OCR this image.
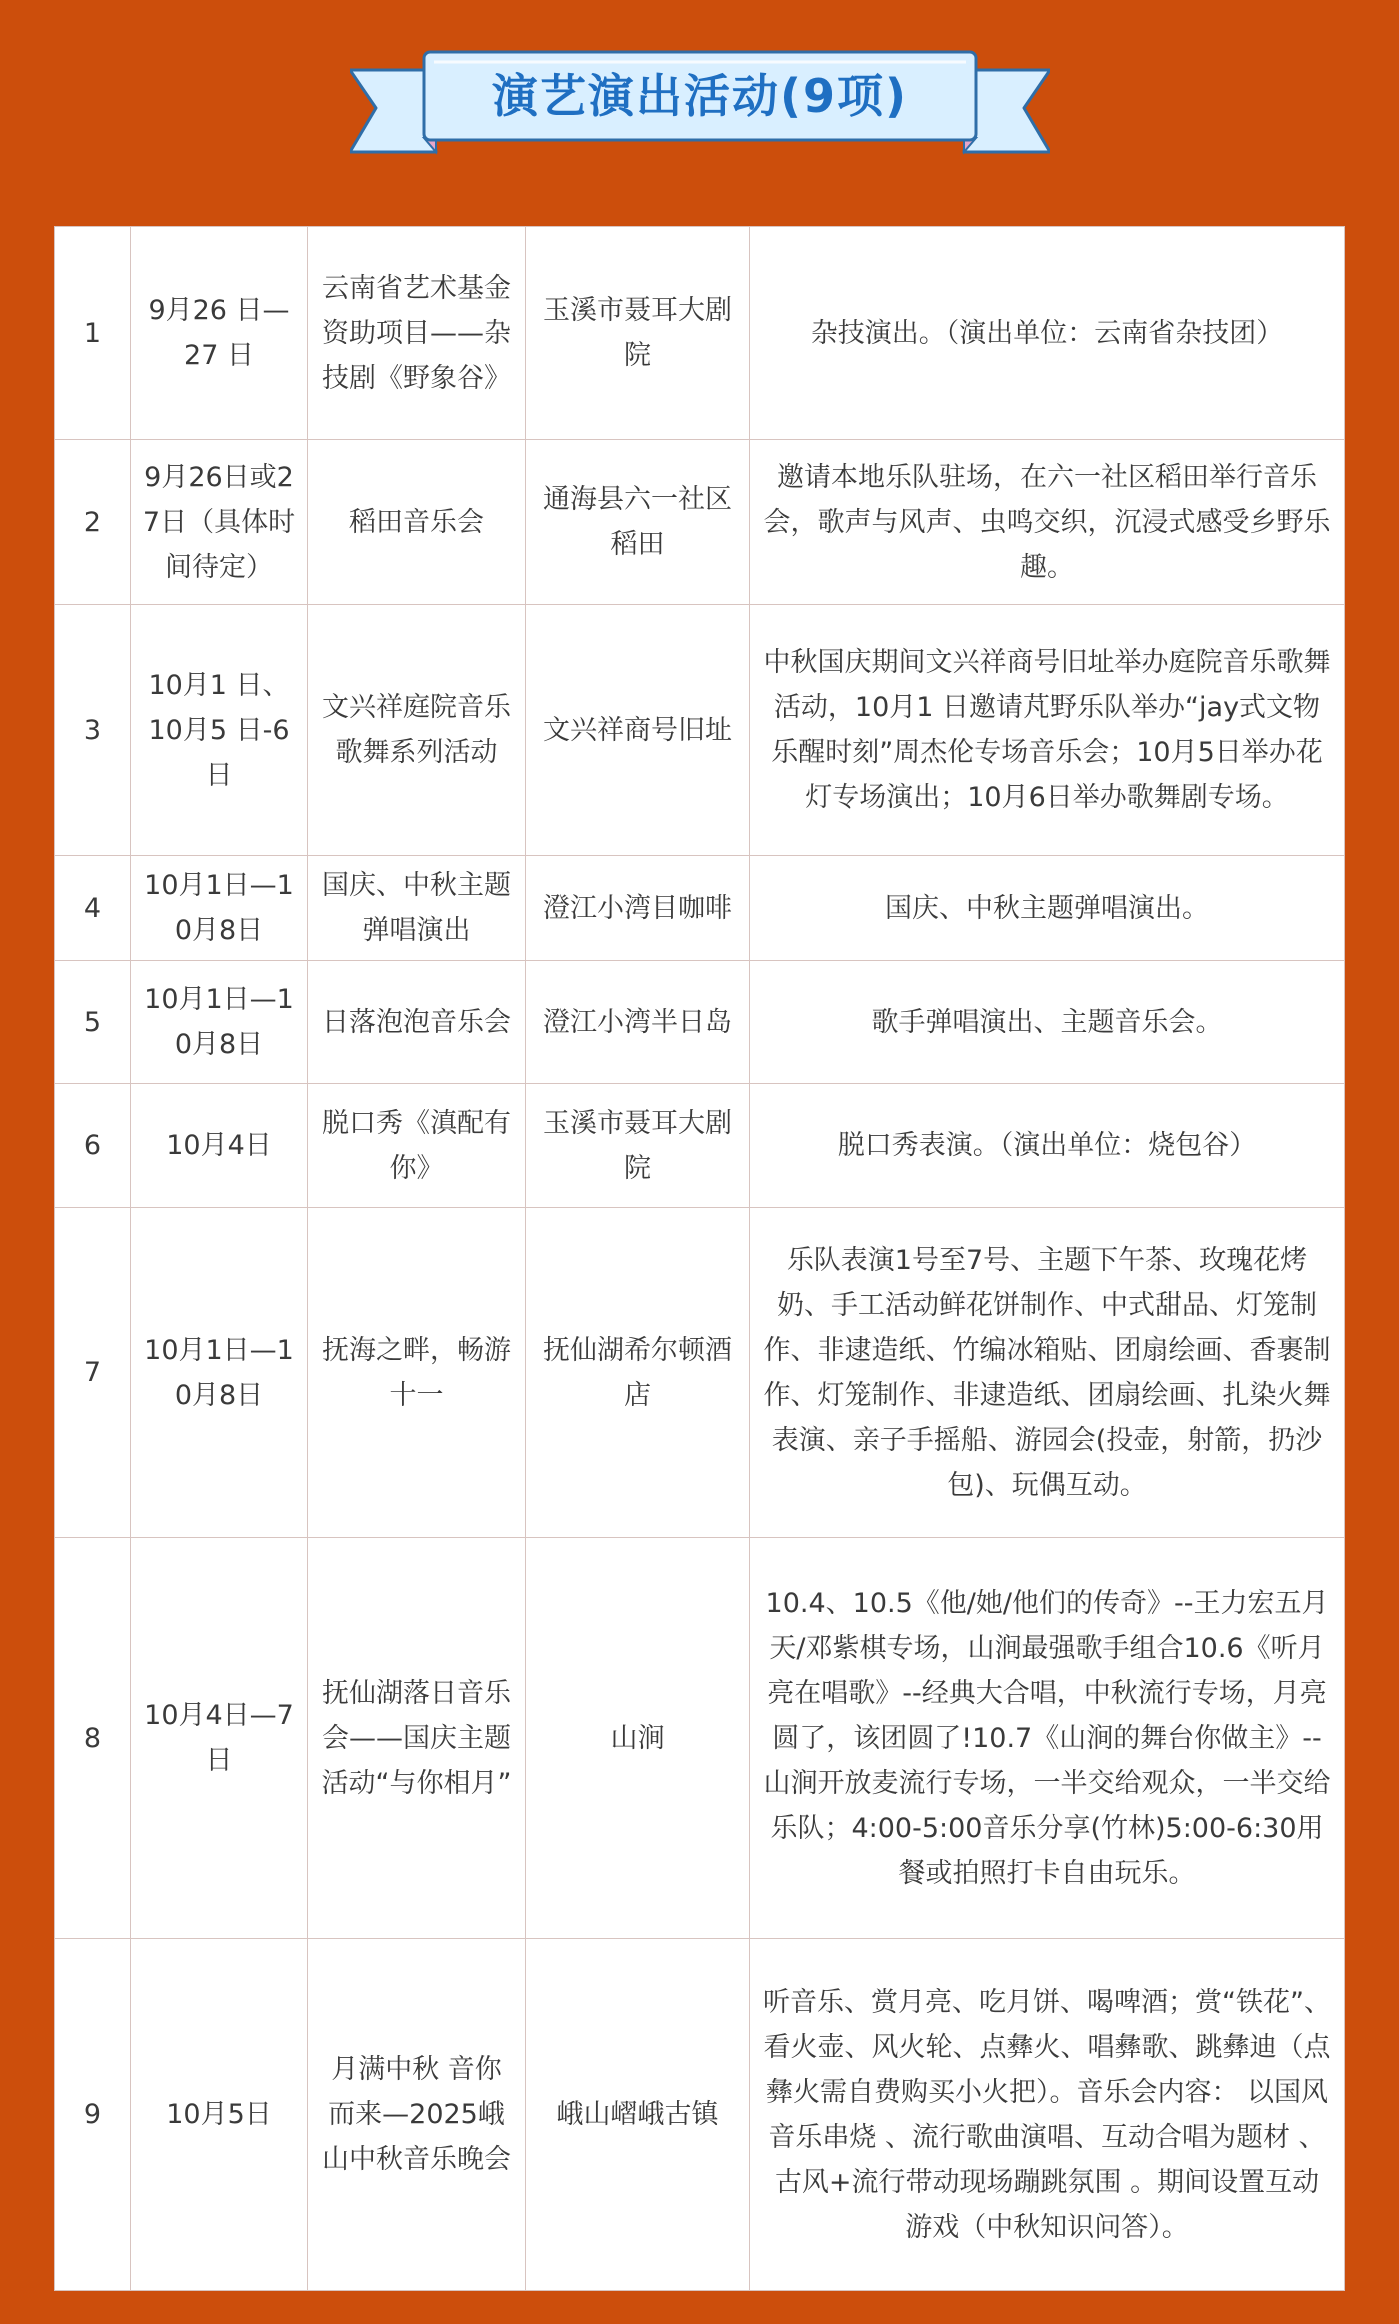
演艺演出活动(9项)
1	9月26 日—27 日	云南省艺术基金资助项目——杂技剧《野象谷》	玉溪市聂耳大剧院	杂技演出。（演出单位：云南省杂技团）
2	9月26日或27日（具体时间待定）	稻田音乐会	通海县六一社区稻田	邀请本地乐队驻场，在六一社区稻田举行音乐会，歌声与风声、虫鸣交织，沉浸式感受乡野乐趣。
3	10月1 日、10月5 日-6日	文兴祥庭院音乐歌舞系列活动	文兴祥商号旧址	中秋国庆期间文兴祥商号旧址举办庭院音乐歌舞活动，10月1 日邀请芃野乐队举办“jay式文物乐醒时刻”周杰伦专场音乐会；10月5日举办花灯专场演出；10月6日举办歌舞剧专场。
4	10月1日—10月8日	国庆、中秋主题弹唱演出	澄江小湾目咖啡	国庆、中秋主题弹唱演出。
5	10月1日—10月8日	日落泡泡音乐会	澄江小湾半日岛	歌手弹唱演出、主题音乐会。
6	10月4日	脱口秀《滇配有你》	玉溪市聂耳大剧院	脱口秀表演。（演出单位：烧包谷）
7	10月1日—10月8日	抚海之畔，畅游十一	抚仙湖希尔顿酒店	乐队表演1号至7号、主题下午茶、玫瑰花烤奶、手工活动鲜花饼制作、中式甜品、灯笼制作、非逮造纸、竹编冰箱贴、团扇绘画、香裹制作、灯笼制作、非逮造纸、团扇绘画、扎染火舞表演、亲子手摇船、游园会(投壶，射箭，扔沙包)、玩偶互动。
8	10月4日—7日	抚仙湖落日音乐会——国庆主题活动“与你相月”	山涧	10.4、10.5《他/她/他们的传奇》--王力宏五月天/邓紫棋专场，山涧最强歌手组合10.6《听月亮在唱歌》--经典大合唱，中秋流行专场，月亮圆了，该团圆了!10.7《山涧的舞台你做主》--山涧开放麦流行专场，一半交给观众，一半交给乐队；4:00-5:00音乐分享(竹林)5:00-6:30用餐或拍照打卡自由玩乐。
9	10月5日	月满中秋 音你而来—2025峨山中秋音乐晚会	峨山嶍峨古镇	听音乐、赏月亮、吃月饼、喝啤酒；赏“铁花”、看火壶、风火轮、点彝火、唱彝歌、跳彝迪（点彝火需自费购买小火把）。音乐会内容： 以国风音乐串烧 、流行歌曲演唱、互动合唱为题材 、古风+流行带动现场蹦跳氛围 。期间设置互动游戏（中秋知识问答）。
